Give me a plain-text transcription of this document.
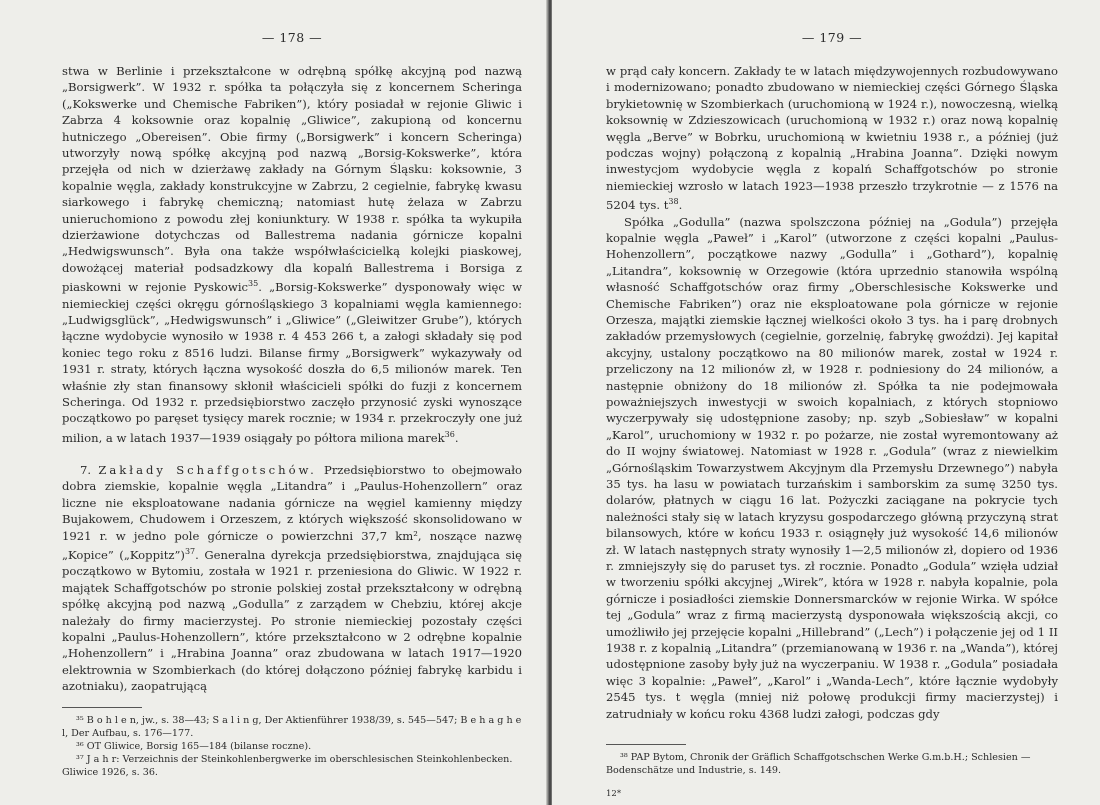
— 178 —

stwa w Berlinie i przekształcone w odrębną spółkę akcyjną pod nazwą „Borsigwerk”. W 1932 r. spółka ta połączyła się z koncernem Scheringa („Kokswerke und Chemische Fabriken”), który posiadał w rejonie Gliwic i Zabrza 4 koksownie oraz kopalnię „Gliwice”, zakupioną od koncernu hutniczego „Obereisen”. Obie firmy („Borsigwerk” i koncern Scheringa) utworzyły nową spółkę akcyjną pod nazwą „Borsig-Kokswerke”, która przejęła od nich w dzierżawę zakłady na Górnym Śląsku: koksownie, 3 kopalnie węgla, zakłady konstrukcyjne w Zabrzu, 2 cegielnie, fabrykę kwasu siarkowego i fabrykę chemiczną; natomiast hutę żelaza w Zabrzu unieruchomiono z powodu złej koniunktury. W 1938 r. spółka ta wykupiła dzierżawione dotychczas od Ballestrema nadania górnicze kopalni „Hedwigswunsch”. Była ona także współwłaścicielką kolejki piaskowej, dowożącej materiał podsadzkowy dla kopalń Ballestrema i Borsiga z piaskowni w rejonie Pyskowic$^{35}$. „Borsig-Kokswerke” dysponowały więc w niemieckiej części okręgu górnośląskiego 3 kopalniami węgla kamiennego: „Ludwigsglück”, „Hedwigswunsch” i „Gliwice” („Gleiwitzer Grube”), których łączne wydobycie wynosiło w 1938 r. 4 453 266 t, a załogi składały się pod koniec tego roku z 8516 ludzi. Bilanse firmy „Borsigwerk” wykazywały od 1931 r. straty, których łączna wysokość doszła do 6,5 milionów marek. Ten właśnie zły stan finansowy skłonił właścicieli spółki do fuzji z koncernem Scheringa. Od 1932 r. przedsiębiorstwo zaczęło przynosić zyski wynoszące początkowo po paręset tysięcy marek rocznie; w 1934 r. przekroczyły one już milion, a w latach 1937—1939 osiągały po półtora miliona marek$^{36}$.

7. Zakłady Schaffgotschów. Przedsiębiorstwo to obejmowało dobra ziemskie, kopalnie węgla „Litandra” i „Paulus-Hohenzollern” oraz liczne nie eksploatowane nadania górnicze na węgiel kamienny między Bujakowem, Chudowem i Orzeszem, z których większość skonsolidowano w 1921 r. w jedno pole górnicze o powierzchni 37,7 km², noszące nazwę „Kopice” („Koppitz”)$^{37}$. Generalna dyrekcja przedsiębiorstwa, znajdująca się początkowo w Bytomiu, została w 1921 r. przeniesiona do Gliwic. W 1922 r. majątek Schaffgotschów po stronie polskiej został przekształcony w odrębną spółkę akcyjną pod nazwą „Godulla” z zarządem w Chebziu, której akcje należały do firmy macierzystej. Po stronie niemieckiej pozostały części kopalni „Paulus-Hohenzollern”, które przekształcono w 2 odrębne kopalnie „Hohenzollern” i „Hrabina Joanna” oraz zbudowana w latach 1917—1920 elektrownia w Szombierkach (do której dołączono później fabrykę karbidu i azotniaku), zaopatrującą

³⁵ B o h l e n, jw., s. 38—43; S a l i n g, Der Aktienführer 1938/39, s. 545—547; B e h a g h e l, Der Aufbau, s. 176—177.

³⁶ OT Gliwice, Borsig 165—184 (bilanse roczne).

³⁷ J a h r: Verzeichnis der Steinkohlenbergwerke im oberschlesischen Steinkohlenbecken. Gliwice 1926, s. 36.

— 179 —

w prąd cały koncern. Zakłady te w latach międzywojennych rozbudowywano i modernizowano; ponadto zbudowano w niemieckiej części Górnego Śląska brykietownię w Szombierkach (uruchomioną w 1924 r.), nowoczesną, wielką koksownię w Zdzieszowicach (uruchomioną w 1932 r.) oraz nową kopalnię węgla „Berve” w Bobrku, uruchomioną w kwietniu 1938 r., a później (już podczas wojny) połączoną z kopalnią „Hrabina Joanna”. Dzięki nowym inwestycjom wydobycie węgla z kopalń Schaffgotschów po stronie niemieckiej wzrosło w latach 1923—1938 przeszło trzykrotnie — z 1576 na 5204 tys. $t^{38}$.

Spółka „Godulla” (nazwa spolszczona później na „Godula”) przejęła kopalnie węgla „Paweł” i „Karol” (utworzone z części kopalni „Paulus-Hohenzollern”, początkowe nazwy „Godulla” i „Gothard”), kopalnię „Litandra”, koksownię w Orzegowie (która uprzednio stanowiła wspólną własność Schaffgotschów oraz firmy „Oberschlesische Kokswerke und Chemische Fabriken”) oraz nie eksploatowane pola górnicze w rejonie Orzesza, majątki ziemskie łącznej wielkości około 3 tys. ha i parę drobnych zakładów przemysłowych (cegielnie, gorzelnię, fabrykę gwoździ). Jej kapitał akcyjny, ustalony początkowo na 80 milionów marek, został w 1924 r. przeliczony na 12 milionów zł, w 1928 r. podniesiony do 24 milionów, a następnie obniżony do 18 milionów zł. Spółka ta nie podejmowała poważniejszych inwestycji w swoich kopalniach, z których stopniowo wyczerpywały się udostępnione zasoby; np. szyb „Sobiesław” w kopalni „Karol”, uruchomiony w 1932 r. po pożarze, nie został wyremontowany aż do II wojny światowej. Natomiast w 1928 r. „Godula” (wraz z niewielkim „Górnośląskim Towarzystwem Akcyjnym dla Przemysłu Drzewnego”) nabyła 35 tys. ha lasu w powiatach turzańskim i samborskim za sumę 3250 tys. dolarów, płatnych w ciągu 16 lat. Pożyczki zaciągane na pokrycie tych należności stały się w latach kryzysu gospodarczego główną przyczyną strat bilansowych, które w końcu 1933 r. osiągnęły już wysokość 14,6 milionów zł. W latach następnych straty wynosiły 1—2,5 milionów zł, dopiero od 1936 r. zmniejszyły się do paruset tys. zł rocznie. Ponadto „Godula” wzięła udział w tworzeniu spółki akcyjnej „Wirek”, która w 1928 r. nabyła kopalnie, pola górnicze i posiadłości ziemskie Donnersmarcków w rejonie Wirka. W spółce tej „Godula” wraz z firmą macierzystą dysponowała większością akcji, co umożliwiło jej przejęcie kopalni „Hillebrand” („Lech”) i połączenie jej od 1 II 1938 r. z kopalnią „Litandra” (przemianowaną w 1936 r. na „Wanda”), której udostępnione zasoby były już na wyczerpaniu. W 1938 r. „Godula” posiadała więc 3 kopalnie: „Paweł”, „Karol” i „Wanda-Lech”, które łącznie wydobyły 2545 tys. t węgla (mniej niż połowę produkcji firmy macierzystej) i zatrudniały w końcu roku 4368 ludzi załogi, podczas gdy

³⁸ PAP Bytom, Chronik der Gräflich Schaffgotschschen Werke G.m.b.H.; Schlesien — Bodenschätze und Industrie, s. 149.

12*
